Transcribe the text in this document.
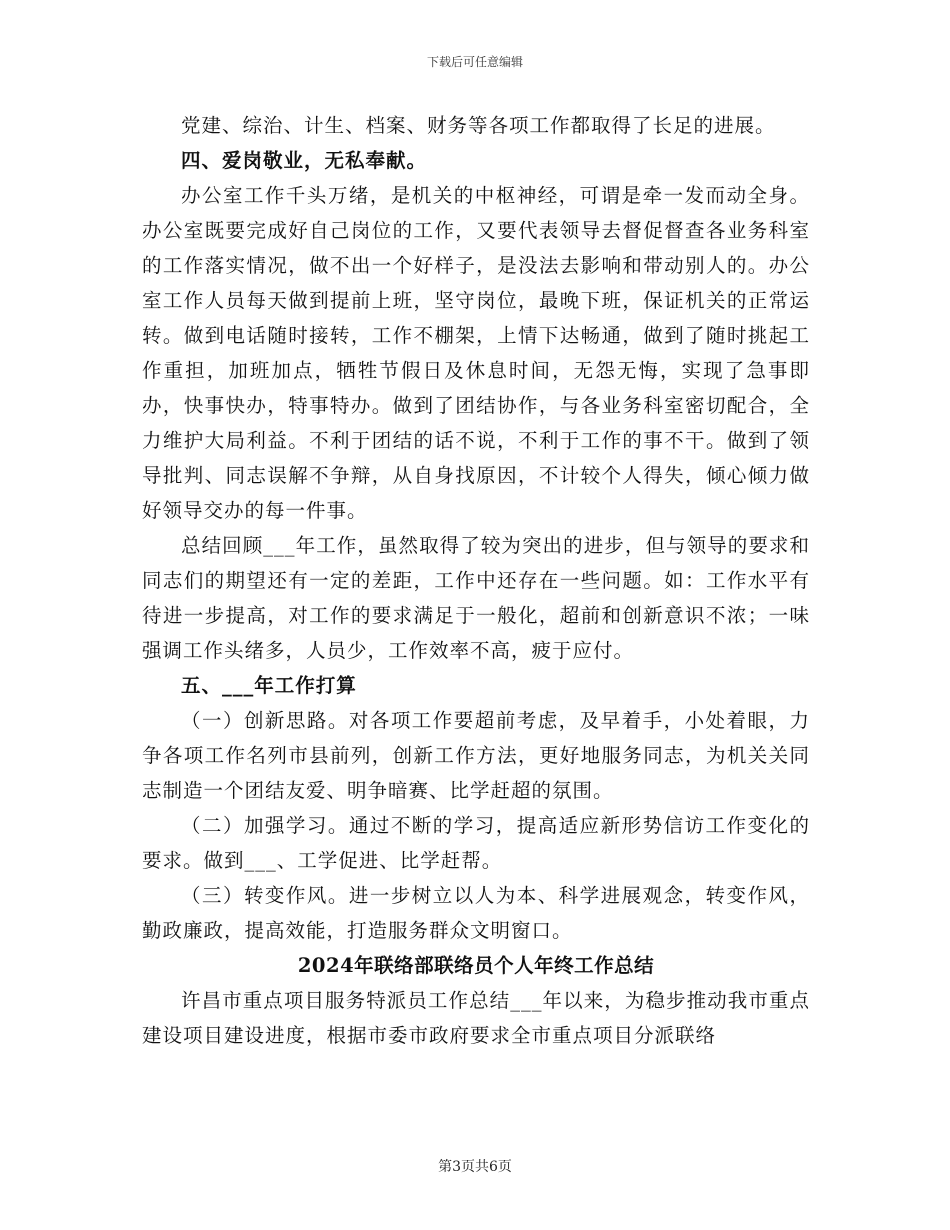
下载后可任意编辑

党建、综治、计生、档案、财务等各项工作都取得了长足的进展。

四、爱岗敬业，无私奉献。

办公室工作千头万绪，是机关的中枢神经，可谓是牵一发而动全身。办公室既要完成好自己岗位的工作，又要代表领导去督促督查各业务科室的工作落实情况，做不出一个好样子，是没法去影响和带动别人的。办公室工作人员每天做到提前上班，坚守岗位，最晚下班，保证机关的正常运转。做到电话随时接转，工作不棚架，上情下达畅通，做到了随时挑起工作重担，加班加点，牺牲节假日及休息时间，无怨无悔，实现了急事即办，快事快办，特事特办。做到了团结协作，与各业务科室密切配合，全力维护大局利益。不利于团结的话不说，不利于工作的事不干。做到了领导批判、同志误解不争辩，从自身找原因，不计较个人得失，倾心倾力做好领导交办的每一件事。

总结回顾___年工作，虽然取得了较为突出的进步，但与领导的要求和同志们的期望还有一定的差距，工作中还存在一些问题。如：工作水平有待进一步提高，对工作的要求满足于一般化，超前和创新意识不浓；一味强调工作头绪多，人员少，工作效率不高，疲于应付。

五、___年工作打算

（一）创新思路。对各项工作要超前考虑，及早着手，小处着眼，力争各项工作名列市县前列，创新工作方法，更好地服务同志，为机关关同志制造一个团结友爱、明争暗赛、比学赶超的氛围。

（二）加强学习。通过不断的学习，提高适应新形势信访工作变化的要求。做到___、工学促进、比学赶帮。

（三）转变作风。进一步树立以人为本、科学进展观念，转变作风，勤政廉政，提高效能，打造服务群众文明窗口。

2024年联络部联络员个人年终工作总结

许昌市重点项目服务特派员工作总结___年以来，为稳步推动我市重点建设项目建设进度，根据市委市政府要求全市重点项目分派联络

第3页共6页
